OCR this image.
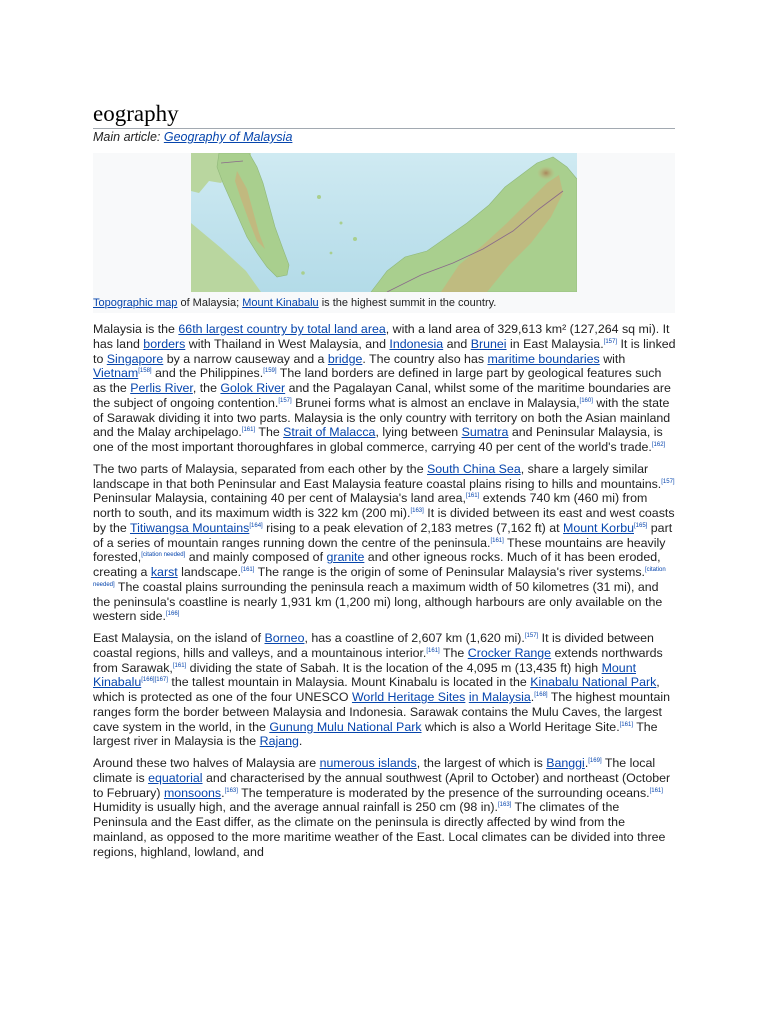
eography
Main article: Geography of Malaysia
Topographic map of Malaysia; Mount Kinabalu is the highest summit in the country.

Malaysia is the 66th largest country by total land area, with a land area of 329,613 km² (127,264 sq mi). It has land borders with Thailand in West Malaysia, and Indonesia and Brunei in East Malaysia.[157] It is linked to Singapore by a narrow causeway and a bridge. The country also has maritime boundaries with Vietnam[158] and the Philippines.[159] The land borders are defined in large part by geological features such as the Perlis River, the Golok River and the Pagalayan Canal, whilst some of the maritime boundaries are the subject of ongoing contention.[157] Brunei forms what is almost an enclave in Malaysia,[160] with the state of Sarawak dividing it into two parts. Malaysia is the only country with territory on both the Asian mainland and the Malay archipelago.[161] The Strait of Malacca, lying between Sumatra and Peninsular Malaysia, is one of the most important thoroughfares in global commerce, carrying 40 per cent of the world's trade.[162]

The two parts of Malaysia, separated from each other by the South China Sea, share a largely similar landscape in that both Peninsular and East Malaysia feature coastal plains rising to hills and mountains.[157] Peninsular Malaysia, containing 40 per cent of Malaysia's land area,[161] extends 740 km (460 mi) from north to south, and its maximum width is 322 km (200 mi).[163] It is divided between its east and west coasts by the Titiwangsa Mountains[164] rising to a peak elevation of 2,183 metres (7,162 ft) at Mount Korbu[165] part of a series of mountain ranges running down the centre of the peninsula.[161] These mountains are heavily forested,[citation needed] and mainly composed of granite and other igneous rocks. Much of it has been eroded, creating a karst landscape.[161] The range is the origin of some of Peninsular Malaysia's river systems.[citation needed] The coastal plains surrounding the peninsula reach a maximum width of 50 kilometres (31 mi), and the peninsula's coastline is nearly 1,931 km (1,200 mi) long, although harbours are only available on the western side.[166]

East Malaysia, on the island of Borneo, has a coastline of 2,607 km (1,620 mi).[157] It is divided between coastal regions, hills and valleys, and a mountainous interior.[161] The Crocker Range extends northwards from Sarawak,[161] dividing the state of Sabah. It is the location of the 4,095 m (13,435 ft) high Mount Kinabalu[166][167] the tallest mountain in Malaysia. Mount Kinabalu is located in the Kinabalu National Park, which is protected as one of the four UNESCO World Heritage Sites in Malaysia.[168] The highest mountain ranges form the border between Malaysia and Indonesia. Sarawak contains the Mulu Caves, the largest cave system in the world, in the Gunung Mulu National Park which is also a World Heritage Site.[161] The largest river in Malaysia is the Rajang.

Around these two halves of Malaysia are numerous islands, the largest of which is Banggi.[169] The local climate is equatorial and characterised by the annual southwest (April to October) and northeast (October to February) monsoons.[163] The temperature is moderated by the presence of the surrounding oceans.[161] Humidity is usually high, and the average annual rainfall is 250 cm (98 in).[163] The climates of the Peninsula and the East differ, as the climate on the peninsula is directly affected by wind from the mainland, as opposed to the more maritime weather of the East. Local climates can be divided into three regions, highland, lowland, and
